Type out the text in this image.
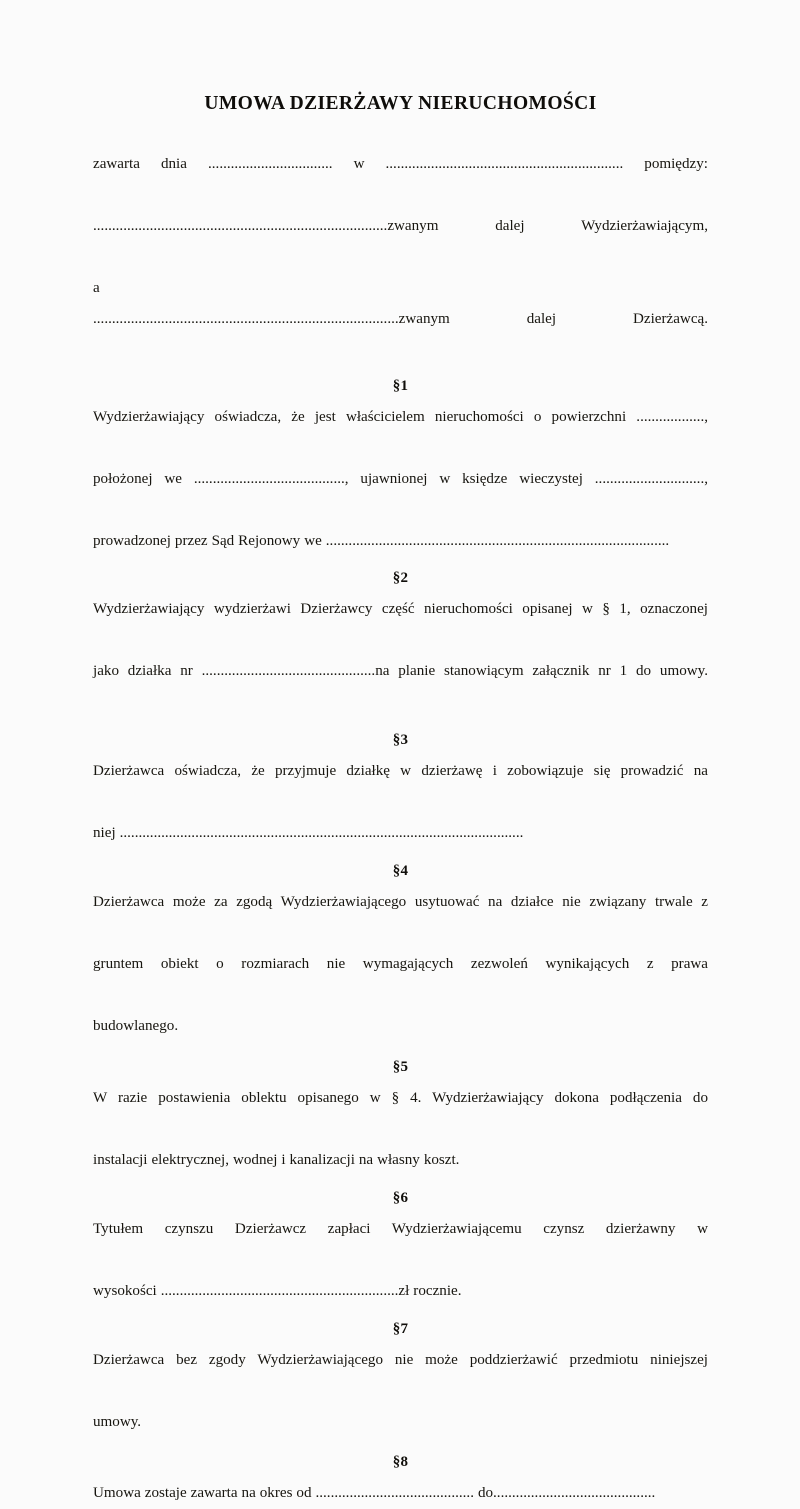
UMOWA DZIERŻAWY NIERUCHOMOŚCI

zawarta dnia ................................. w ............................................................... pomiędzy:

..............................................................................zwanym dalej Wydzierżawiającym,

a

.................................................................................zwanym dalej Dzierżawcą.

§1

Wydzierżawiający oświadcza, że jest właścicielem nieruchomości o powierzchni ..................,

położonej we ........................................, ujawnionej w księdze wieczystej .............................,

prowadzonej przez Sąd Rejonowy we ...........................................................................................

§2

Wydzierżawiający wydzierżawi Dzierżawcy część nieruchomości opisanej w § 1, oznaczonej

jako działka nr ..............................................na planie stanowiącym załącznik nr 1 do umowy.

§3

Dzierżawca oświadcza, że przyjmuje działkę w dzierżawę i zobowiązuje się prowadzić na

niej ...........................................................................................................

§4

Dzierżawca może za zgodą Wydzierżawiającego usytuować na działce nie związany trwale z

gruntem obiekt o rozmiarach nie wymagających zezwoleń wynikających z prawa

budowlanego.

§5

W razie postawienia oblektu opisanego w § 4. Wydzierżawiający dokona podłączenia do

instalacji elektrycznej, wodnej i kanalizacji na własny koszt.

§6

Tytułem czynszu Dzierżawcz zapłaci Wydzierżawiającemu czynsz dzierżawny w

wysokości ...............................................................zł rocznie.

§7

Dzierżawca bez zgody Wydzierżawiającego nie może poddzierżawić przedmiotu niniejszej

umowy.

§8

Umowa zostaje zawarta na okres od .......................................... do...........................................
